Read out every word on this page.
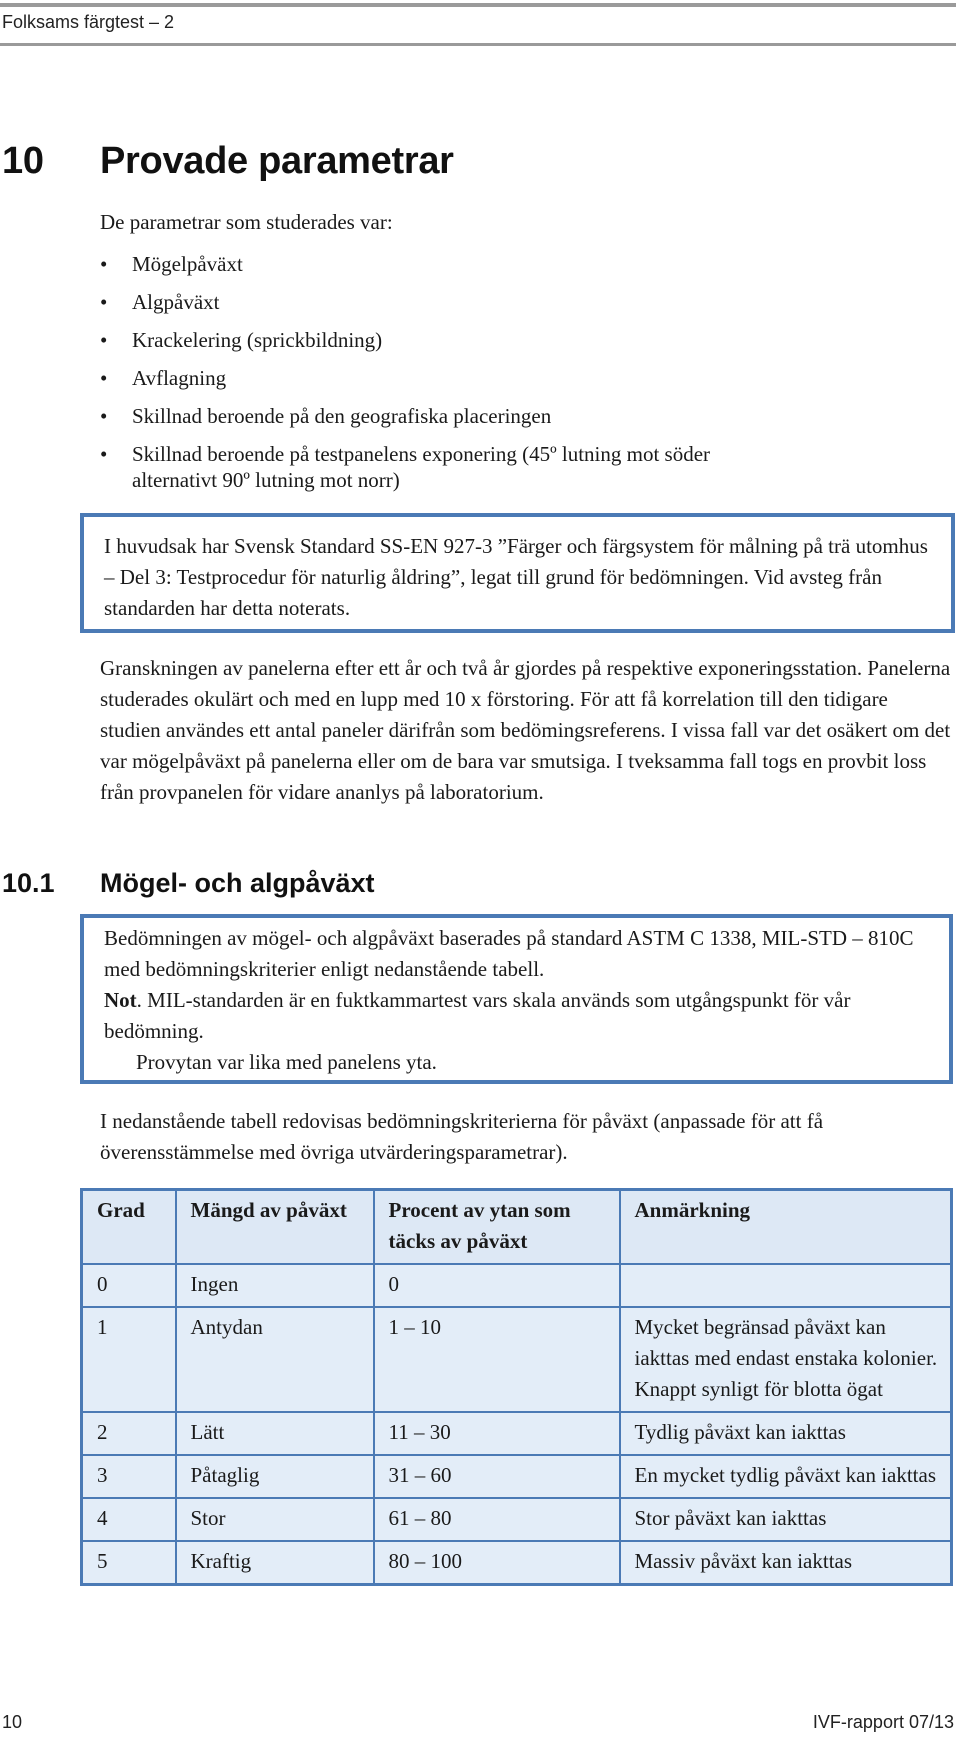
Folksams färgtest – 2
10 Provade parametrar
De parametrar som studerades var:
• Mögelpåväxt
• Algpåväxt
• Krackelering (sprickbildning)
• Avflagning
• Skillnad beroende på den geografiska placeringen
• Skillnad beroende på testpanelens exponering (45º lutning mot söder
alternativt 90º lutning mot norr)
I huvudsak har Svensk Standard SS-EN 927-3 ”Färger och färgsystem för målning på trä utomhus – Del 3: Testprocedur för naturlig åldring”, legat till grund för bedömningen. Vid avsteg från standarden har detta noterats.
Granskningen av panelerna efter ett år och två år gjordes på respektive exponeringsstation. Panelerna studerades okulärt och med en lupp med 10 x förstoring. För att få korrelation till den tidigare studien användes ett antal paneler därifrån som bedömingsreferens. I vissa fall var det osäkert om det var mögelpåväxt på panelerna eller om de bara var smutsiga. I tveksamma fall togs en provbit loss från provpanelen för vidare ananlys på laboratorium.
10.1 Mögel- och algpåväxt
Bedömningen av mögel- och algpåväxt baserades på standard ASTM C 1338, MIL-STD – 810C med bedömningskriterier enligt nedanstående tabell.
Not. MIL-standarden är en fuktkammartest vars skala används som utgångspunkt för vår bedömning.
Provytan var lika med panelens yta.
I nedanstående tabell redovisas bedömningskriterierna för påväxt (anpassade för att få överensstämmelse med övriga utvärderingsparametrar).
Grad	Mängd av påväxt	Procent av ytan som täcks av påväxt	Anmärkning
0	Ingen	0	
1	Antydan	1 – 10	Mycket begränsad påväxt kan iakttas med endast enstaka kolonier. Knappt synligt för blotta ögat
2	Lätt	11 – 30	Tydlig påväxt kan iakttas
3	Påtaglig	31 – 60	En mycket tydlig påväxt kan iakttas
4	Stor	61 – 80	Stor påväxt kan iakttas
5	Kraftig	80 – 100	Massiv påväxt kan iakttas
10	IVF-rapport 07/13
